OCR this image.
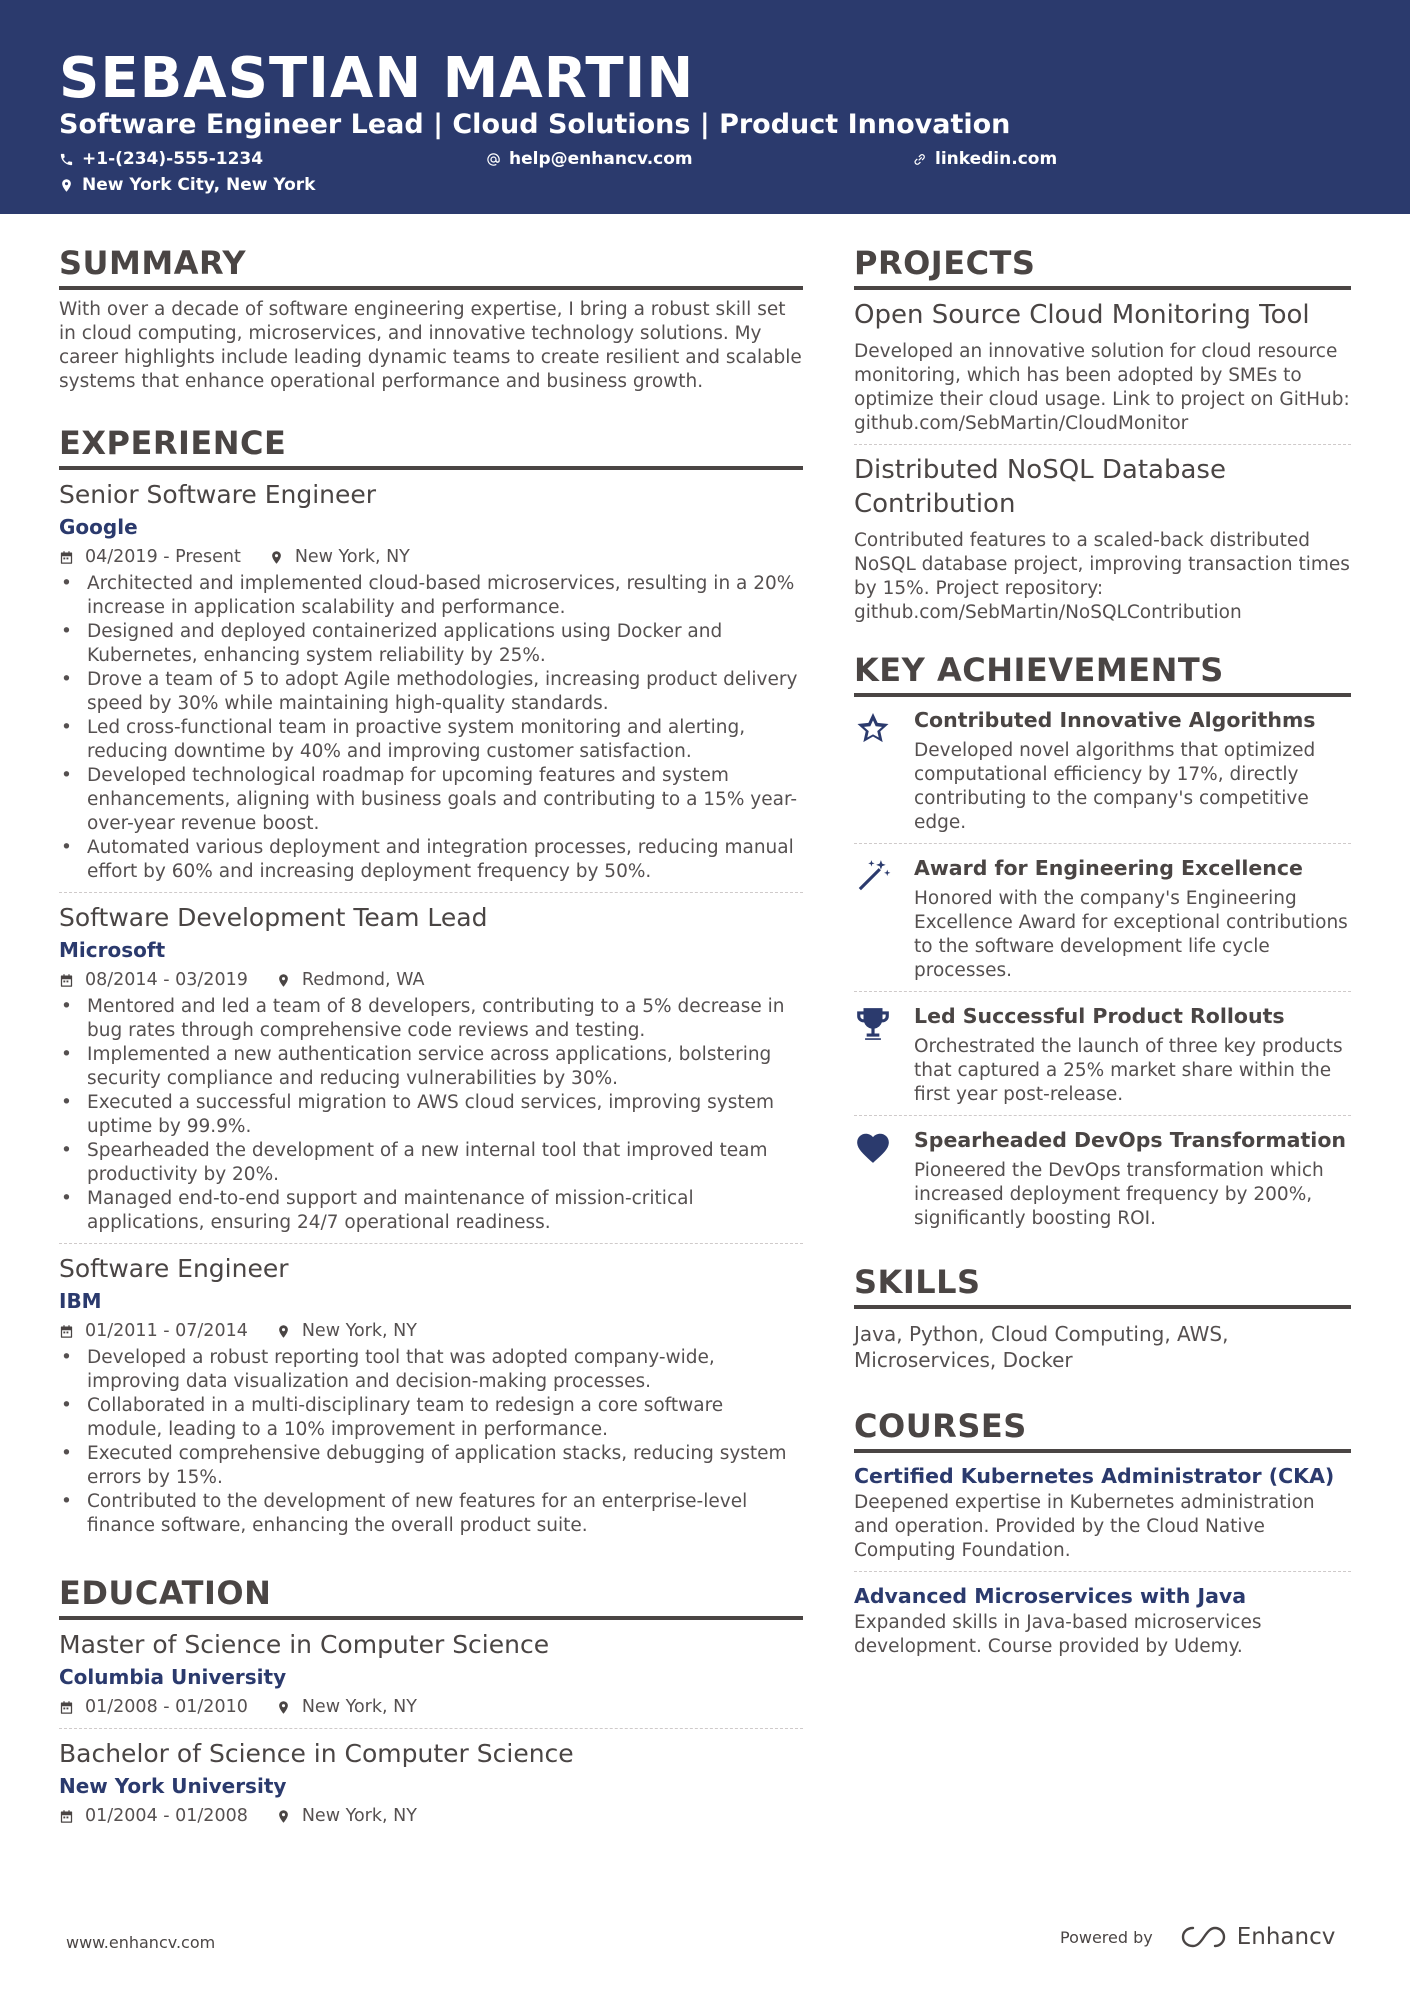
SEBASTIAN MARTIN
Software Engineer Lead | Cloud Solutions | Product Innovation
+1-(234)-555-1234	help@enhancv.com	linkedin.com
New York City, New York
SUMMARY
With over a decade of software engineering expertise, I bring a robust skill set in cloud computing, microservices, and innovative technology solutions. My career highlights include leading dynamic teams to create resilient and scalable systems that enhance operational performance and business growth.
EXPERIENCE
Senior Software Engineer
Google
04/2019 - Present	New York, NY
• Architected and implemented cloud-based microservices, resulting in a 20% increase in application scalability and performance.
• Designed and deployed containerized applications using Docker and Kubernetes, enhancing system reliability by 25%.
• Drove a team of 5 to adopt Agile methodologies, increasing product delivery speed by 30% while maintaining high-quality standards.
• Led cross-functional team in proactive system monitoring and alerting, reducing downtime by 40% and improving customer satisfaction.
• Developed technological roadmap for upcoming features and system enhancements, aligning with business goals and contributing to a 15% year-over-year revenue boost.
• Automated various deployment and integration processes, reducing manual effort by 60% and increasing deployment frequency by 50%.
Software Development Team Lead
Microsoft
08/2014 - 03/2019	Redmond, WA
• Mentored and led a team of 8 developers, contributing to a 5% decrease in bug rates through comprehensive code reviews and testing.
• Implemented a new authentication service across applications, bolstering security compliance and reducing vulnerabilities by 30%.
• Executed a successful migration to AWS cloud services, improving system uptime by 99.9%.
• Spearheaded the development of a new internal tool that improved team productivity by 20%.
• Managed end-to-end support and maintenance of mission-critical applications, ensuring 24/7 operational readiness.
Software Engineer
IBM
01/2011 - 07/2014	New York, NY
• Developed a robust reporting tool that was adopted company-wide, improving data visualization and decision-making processes.
• Collaborated in a multi-disciplinary team to redesign a core software module, leading to a 10% improvement in performance.
• Executed comprehensive debugging of application stacks, reducing system errors by 15%.
• Contributed to the development of new features for an enterprise-level finance software, enhancing the overall product suite.
EDUCATION
Master of Science in Computer Science
Columbia University
01/2008 - 01/2010	New York, NY
Bachelor of Science in Computer Science
New York University
01/2004 - 01/2008	New York, NY
PROJECTS
Open Source Cloud Monitoring Tool
Developed an innovative solution for cloud resource monitoring, which has been adopted by SMEs to optimize their cloud usage. Link to project on GitHub: github.com/SebMartin/CloudMonitor
Distributed NoSQL Database Contribution
Contributed features to a scaled-back distributed NoSQL database project, improving transaction times by 15%. Project repository: github.com/SebMartin/NoSQLContribution
KEY ACHIEVEMENTS
Contributed Innovative Algorithms
Developed novel algorithms that optimized computational efficiency by 17%, directly contributing to the company's competitive edge.
Award for Engineering Excellence
Honored with the company's Engineering Excellence Award for exceptional contributions to the software development life cycle processes.
Led Successful Product Rollouts
Orchestrated the launch of three key products that captured a 25% market share within the first year post-release.
Spearheaded DevOps Transformation
Pioneered the DevOps transformation which increased deployment frequency by 200%, significantly boosting ROI.
SKILLS
Java, Python, Cloud Computing, AWS, Microservices, Docker
COURSES
Certified Kubernetes Administrator (CKA)
Deepened expertise in Kubernetes administration and operation. Provided by the Cloud Native Computing Foundation.
Advanced Microservices with Java
Expanded skills in Java-based microservices development. Course provided by Udemy.
www.enhancv.com	Powered by	Enhancv
